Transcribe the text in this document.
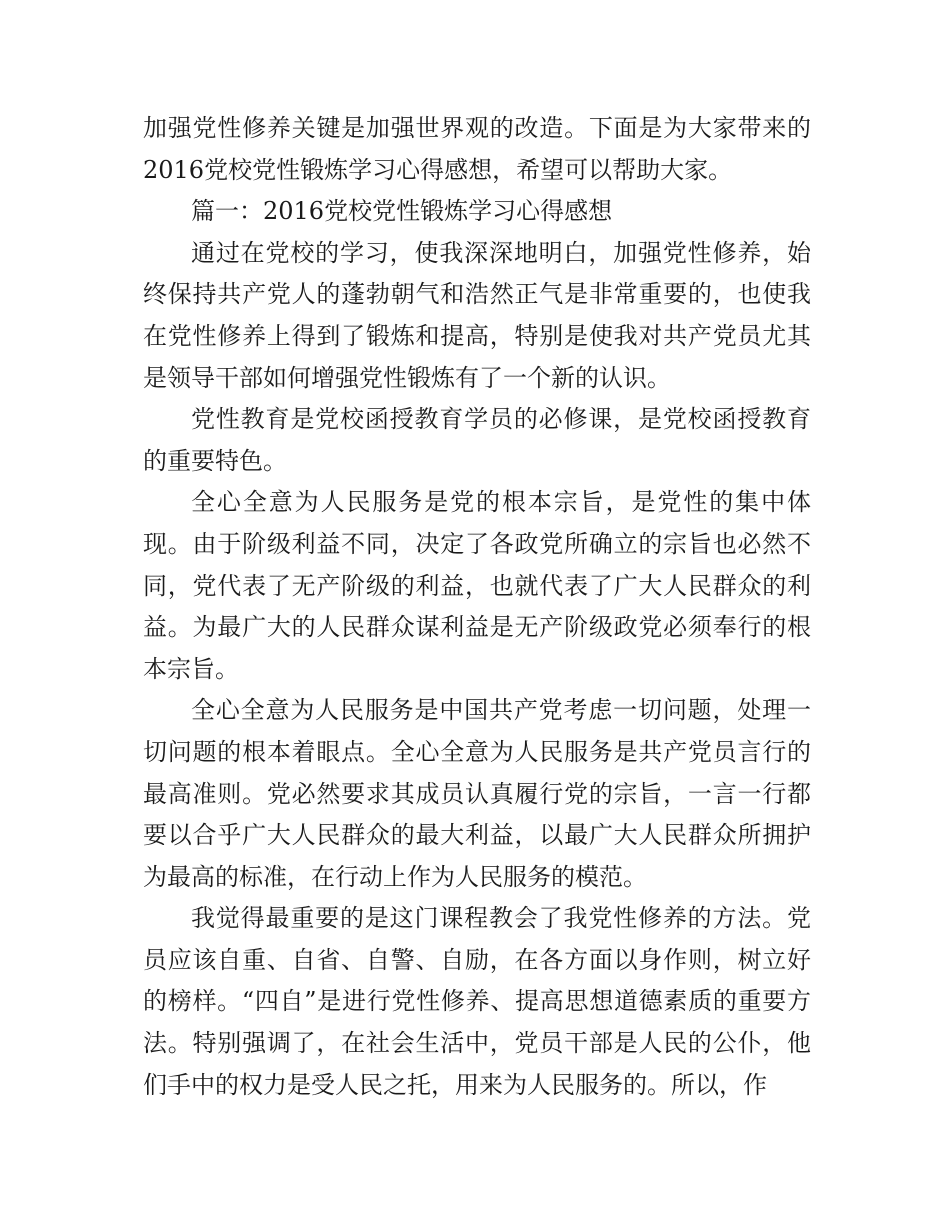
加强党性修养关键是加强世界观的改造。下面是为大家带来的2016党校党性锻炼学习心得感想，希望可以帮助大家。

篇一：2016党校党性锻炼学习心得感想

通过在党校的学习，使我深深地明白，加强党性修养，始终保持共产党人的蓬勃朝气和浩然正气是非常重要的，也使我在党性修养上得到了锻炼和提高，特别是使我对共产党员尤其是领导干部如何增强党性锻炼有了一个新的认识。

党性教育是党校函授教育学员的必修课，是党校函授教育的重要特色。

全心全意为人民服务是党的根本宗旨，是党性的集中体现。由于阶级利益不同，决定了各政党所确立的宗旨也必然不同，党代表了无产阶级的利益，也就代表了广大人民群众的利益。为最广大的人民群众谋利益是无产阶级政党必须奉行的根本宗旨。

全心全意为人民服务是中国共产党考虑一切问题，处理一切问题的根本着眼点。全心全意为人民服务是共产党员言行的最高准则。党必然要求其成员认真履行党的宗旨，一言一行都要以合乎广大人民群众的最大利益，以最广大人民群众所拥护为最高的标准，在行动上作为人民服务的模范。

我觉得最重要的是这门课程教会了我党性修养的方法。党员应该自重、自省、自警、自励，在各方面以身作则，树立好的榜样。“四自”是进行党性修养、提高思想道德素质的重要方法。特别强调了，在社会生活中，党员干部是人民的公仆，他们手中的权力是受人民之托，用来为人民服务的。所以，作
